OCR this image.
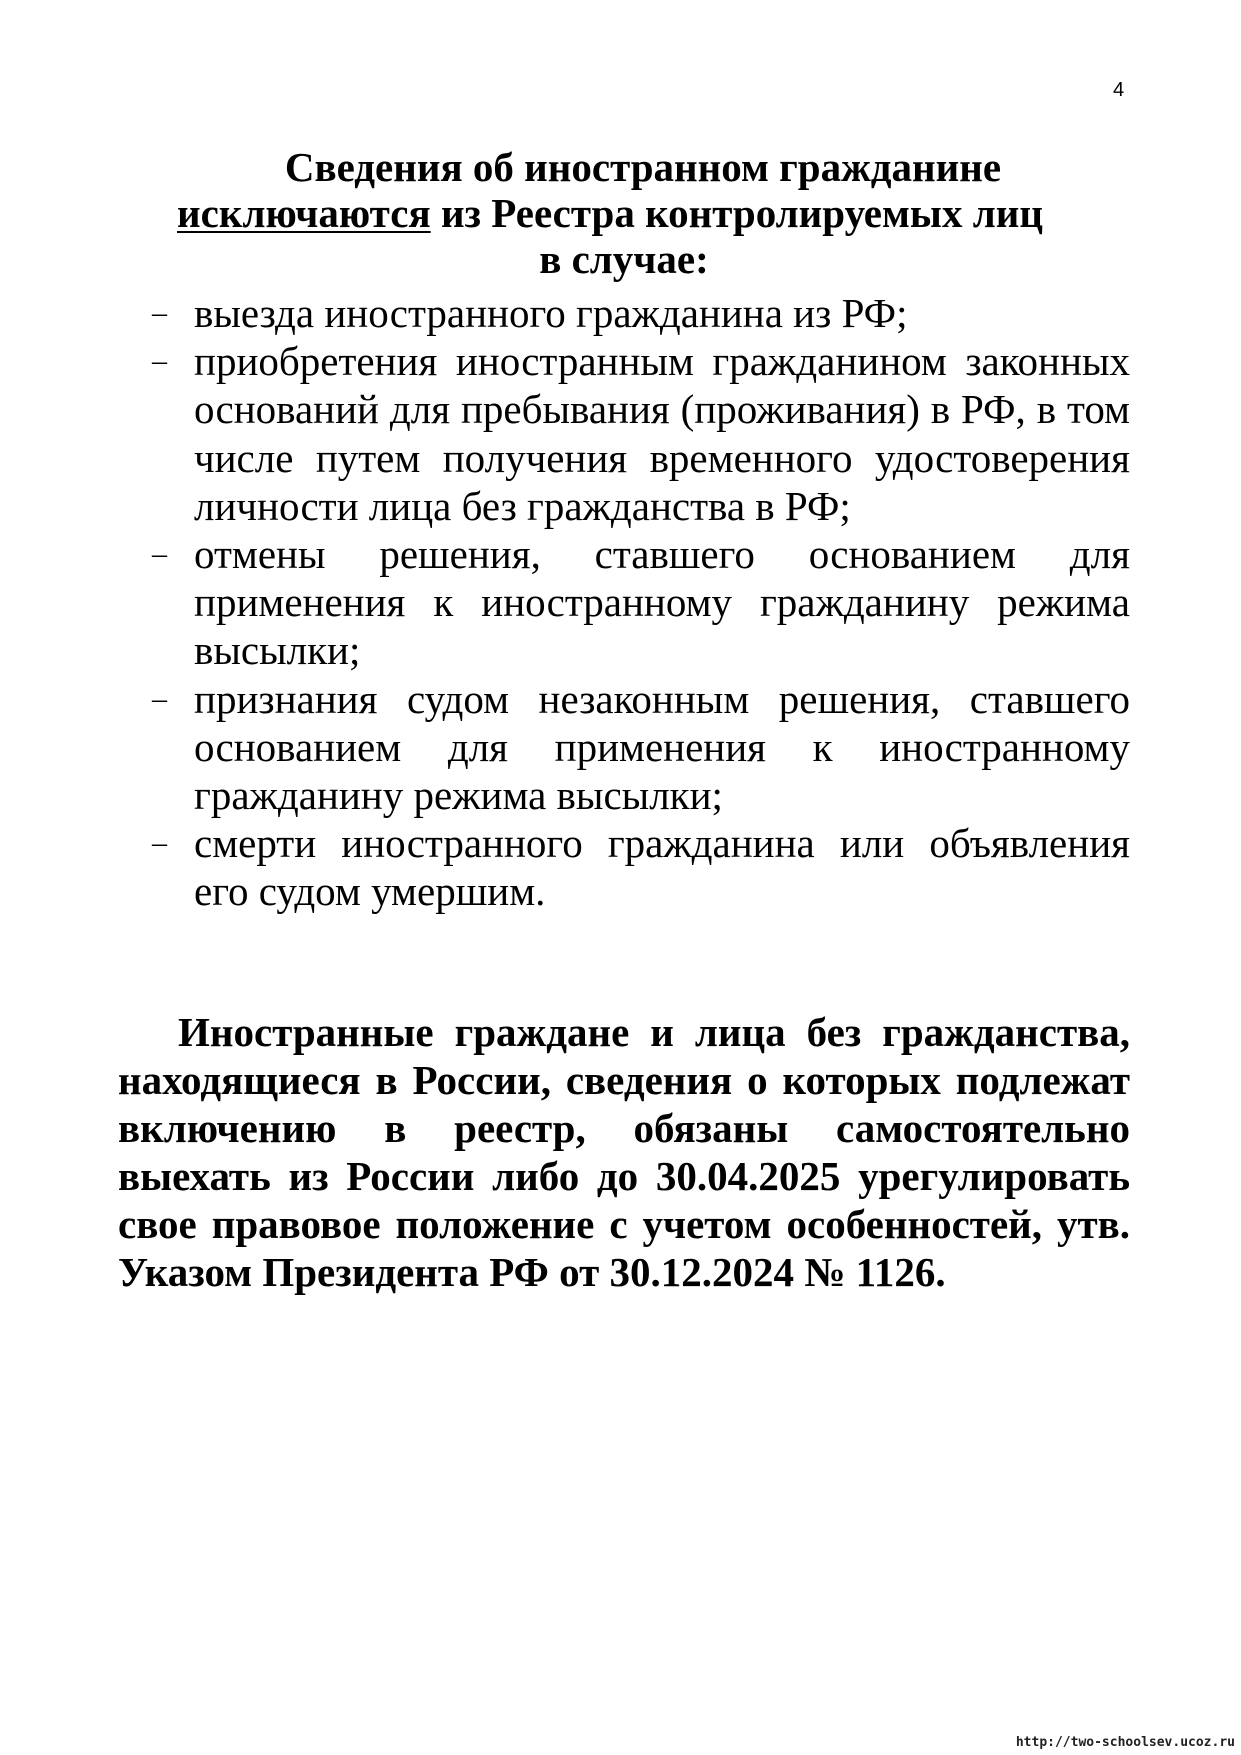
4
Сведения об иностранном гражданине
исключаются из Реестра контролируемых лиц
в случае:
– выезда иностранного гражданина из РФ;
– приобретения иностранным гражданином законных оснований для пребывания (проживания) в РФ, в том числе путем получения временного удостоверения личности лица без гражданства в РФ;
– отмены решения, ставшего основанием для применения к иностранному гражданину режима высылки;
– признания судом незаконным решения, ставшего основанием для применения к иностранному гражданину режима высылки;
– смерти иностранного гражданина или объявления его судом умершим.

Иностранные граждане и лица без гражданства, находящиеся в России, сведения о которых подлежат включению в реестр, обязаны самостоятельно выехать из России либо до 30.04.2025 урегулировать свое правовое положение с учетом особенностей, утв. Указом Президента РФ от 30.12.2024 № 1126.

http://two-schoolsev.ucoz.ru
